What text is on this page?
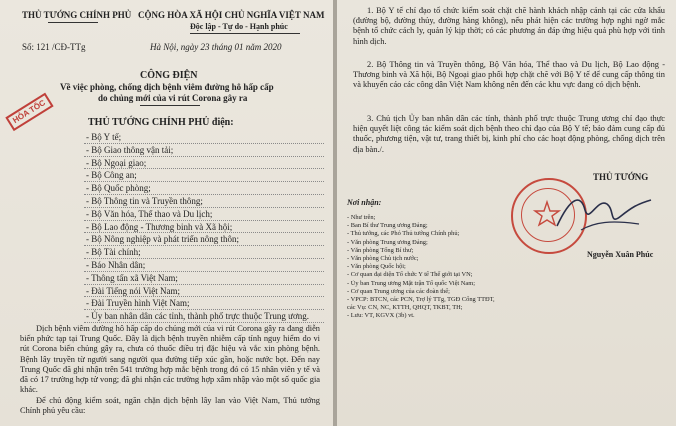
THỦ TƯỚNG CHÍNH PHỦ CỘNG HÒA XÃ HỘI CHỦ NGHĨA VIỆT NAM
Độc lập - Tự do - Hạnh phúc
Số: 121 /CĐ-TTg	Hà Nội, ngày 23 tháng 01 năm 2020
CÔNG ĐIỆN
Về việc phòng, chống dịch bệnh viêm đường hô hấp cấp
do chủng mới của vi rút Corona gây ra
HỎA TỐC	THỦ TƯỚNG CHÍNH PHỦ điện:
- Bộ Y tế;
- Bộ Giao thông vận tải;
- Bộ Ngoại giao;
- Bộ Công an;
- Bộ Quốc phòng;
- Bộ Thông tin và Truyền thông;
- Bộ Văn hóa, Thể thao và Du lịch;
- Bộ Lao động - Thương binh và Xã hội;
- Bộ Nông nghiệp và phát triển nông thôn;
- Bộ Tài chính;
- Báo Nhân dân;
- Thông tấn xã Việt Nam;
- Đài Tiếng nói Việt Nam;
- Đài Truyền hình Việt Nam;
- Ủy ban nhân dân các tỉnh, thành phố trực thuộc Trung ương.
Dịch bệnh viêm đường hô hấp cấp do chủng mới của vi rút Corona gây ra đang diễn biến phức tạp tại Trung Quốc. Đây là dịch bệnh truyền nhiễm cấp tính nguy hiểm do vi rút Corona biến chủng gây ra, chưa có thuốc điều trị đặc hiệu và vắc xin phòng bệnh. Bệnh lây truyền từ người sang người qua đường tiếp xúc gần, hoặc nước bọt. Đến nay Trung Quốc đã ghi nhận trên 541 trường hợp mắc bệnh trong đó có 15 nhân viên y tế và đã có 17 trường hợp tử vong; đã ghi nhận các trường hợp xâm nhập vào một số quốc gia khác.
Để chủ động kiểm soát, ngăn chặn dịch bệnh lây lan vào Việt Nam, Thủ tướng Chính phủ yêu cầu:
1. Bộ Y tế chỉ đạo tổ chức kiểm soát chặt chẽ hành khách nhập cảnh tại các cửa khẩu (đường bộ, đường thủy, đường hàng không), nếu phát hiện các trường hợp nghi ngờ mắc bệnh tổ chức cách ly, quản lý kịp thời; có các phương án đáp ứng hiệu quả phù hợp với tình hình dịch.
2. Bộ Thông tin và Truyền thông, Bộ Văn hóa, Thể thao và Du lịch, Bộ Lao động - Thương binh và Xã hội, Bộ Ngoại giao phối hợp chặt chẽ với Bộ Y tế để cung cấp thông tin và khuyến cáo các công dân Việt Nam không nên đến các khu vực đang có dịch bệnh.
3. Chủ tịch Ủy ban nhân dân các tỉnh, thành phố trực thuộc Trung ương chỉ đạo thực hiện quyết liệt công tác kiểm soát dịch bệnh theo chỉ đạo của Bộ Y tế; bảo đảm cung cấp đủ thuốc, phương tiện, vật tư, trang thiết bị, kinh phí cho các hoạt động phòng, chống dịch trên địa bàn./.
Nơi nhận:
- Như trên;
- Ban Bí thư Trung ương Đảng;
- Thủ tướng, các Phó Thủ tướng Chính phủ;
- Văn phòng Trung ương Đảng;
- Văn phòng Tổng Bí thư;
- Văn phòng Chủ tịch nước;
- Văn phòng Quốc hội;
- Cơ quan đại diện Tổ chức Y tế Thế giới tại VN;
- Ủy ban Trung ương Mặt trận Tổ quốc Việt Nam;
- Cơ quan Trung ương của các đoàn thể;
- VPCP: BTCN, các PCN, Trợ lý TTg, TGĐ Cổng TTĐT,
các Vụ: CN, NC, KTTH, QHQT, TKBT, TH;
- Lưu: VT, KGVX (3b) vt.
THỦ TƯỚNG
Nguyễn Xuân Phúc
